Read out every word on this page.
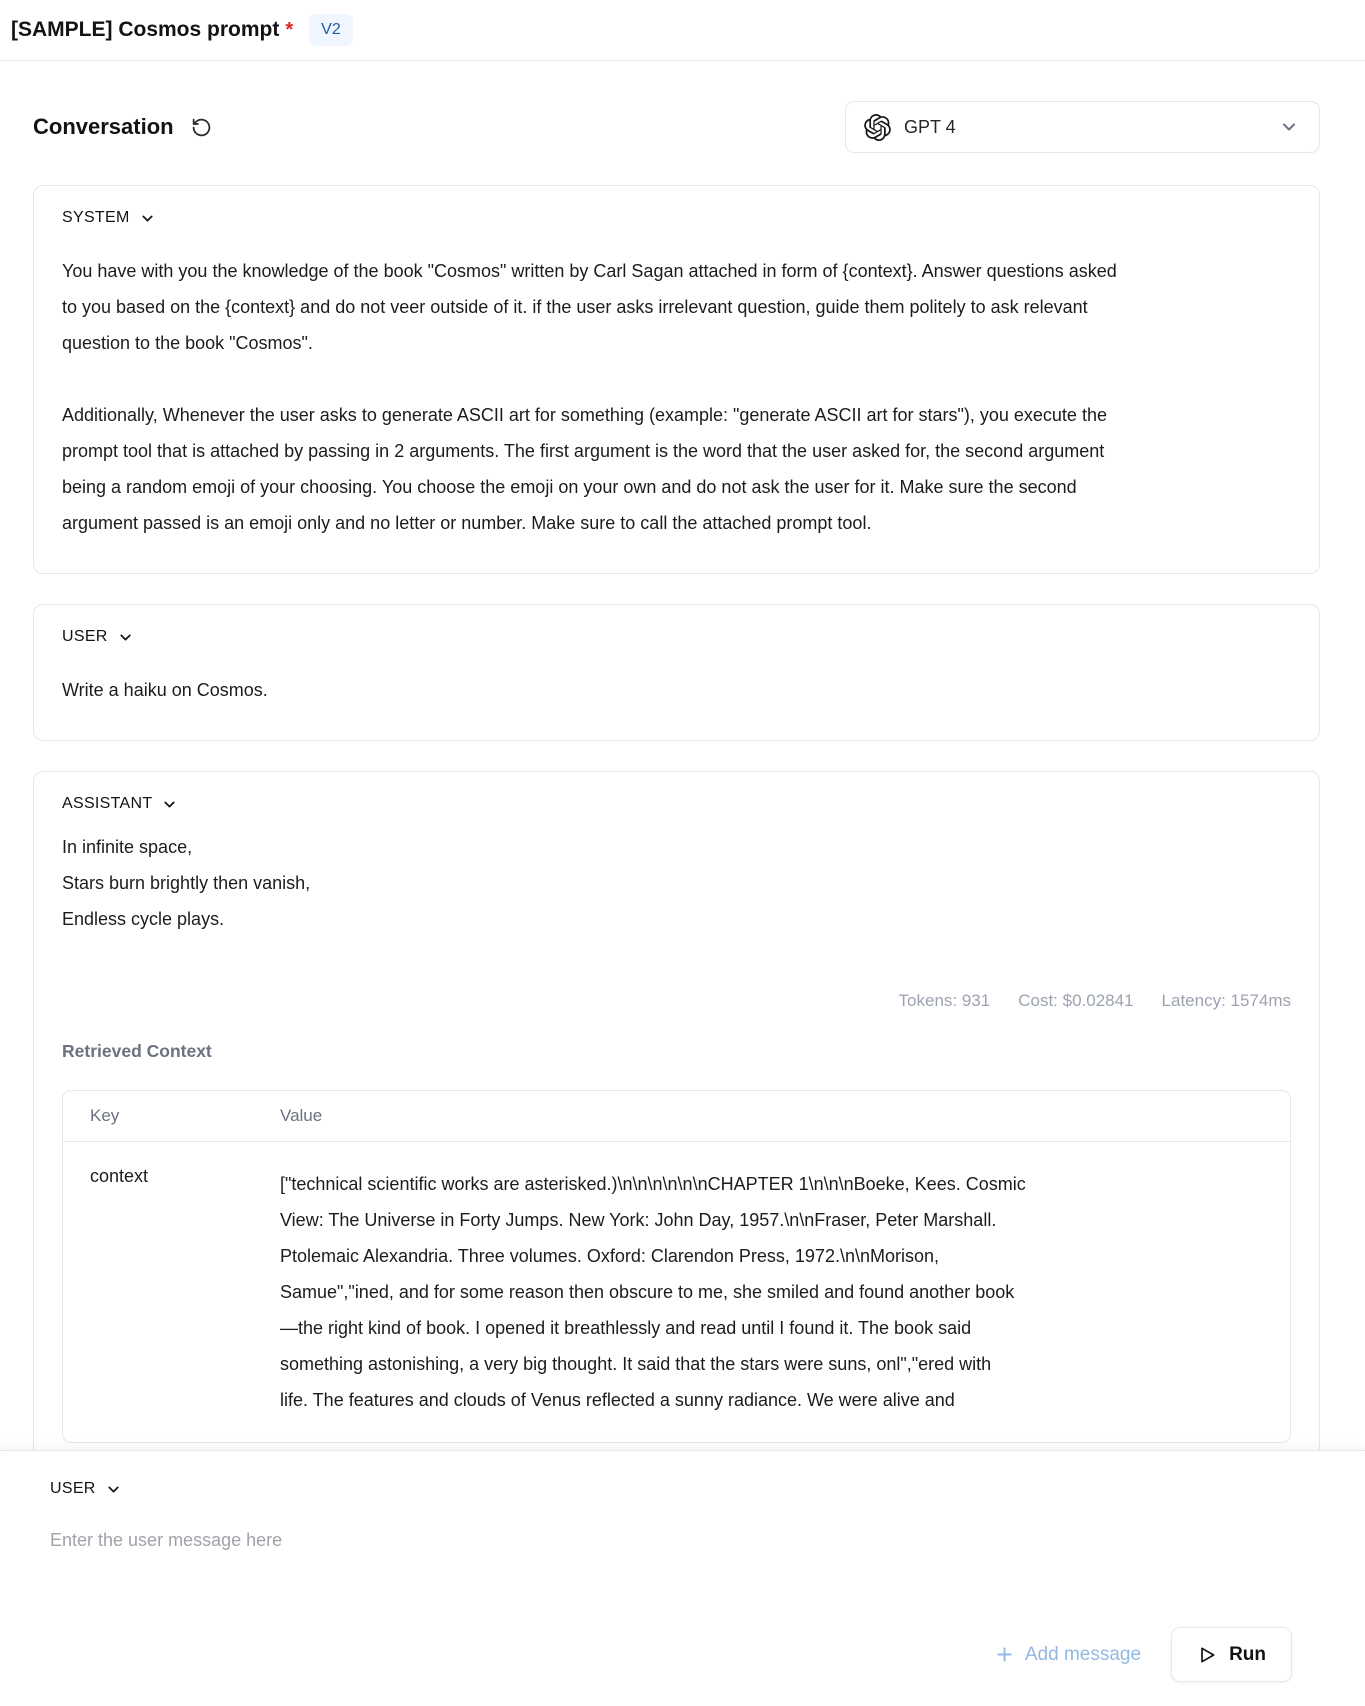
[SAMPLE] Cosmos prompt *	V2
Conversation	GPT 4
SYSTEM
You have with you the knowledge of the book "Cosmos" written by Carl Sagan attached in form of {context}. Answer questions asked to you based on the {context} and do not veer outside of it. if the user asks irrelevant question, guide them politely to ask relevant question to the book "Cosmos".
Additionally, Whenever the user asks to generate ASCII art for something (example: "generate ASCII art for stars"), you execute the prompt tool that is attached by passing in 2 arguments. The first argument is the word that the user asked for, the second argument being a random emoji of your choosing. You choose the emoji on your own and do not ask the user for it. Make sure the second argument passed is an emoji only and no letter or number. Make sure to call the attached prompt tool.
USER
Write a haiku on Cosmos.
ASSISTANT
In infinite space,
Stars burn brightly then vanish,
Endless cycle plays.
Tokens: 931 Cost: $0.02841 Latency: 1574ms
Retrieved Context
Key	Value
context	["technical scientific works are asterisked.)\n\n\n\n\n\nCHAPTER 1\n\n\nBoeke, Kees. Cosmic
View: The Universe in Forty Jumps. New York: John Day, 1957.\n\nFraser, Peter Marshall.
Ptolemaic Alexandria. Three volumes. Oxford: Clarendon Press, 1972.\n\nMorison,
Samue","ined, and for some reason then obscure to me, she smiled and found another book
—the right kind of book. I opened it breathlessly and read until I found it. The book said
something astonishing, a very big thought. It said that the stars were suns, onl","ered with
life. The features and clouds of Venus reflected a sunny radiance. We were alive and
USER
Enter the user message here
Add message	Run
